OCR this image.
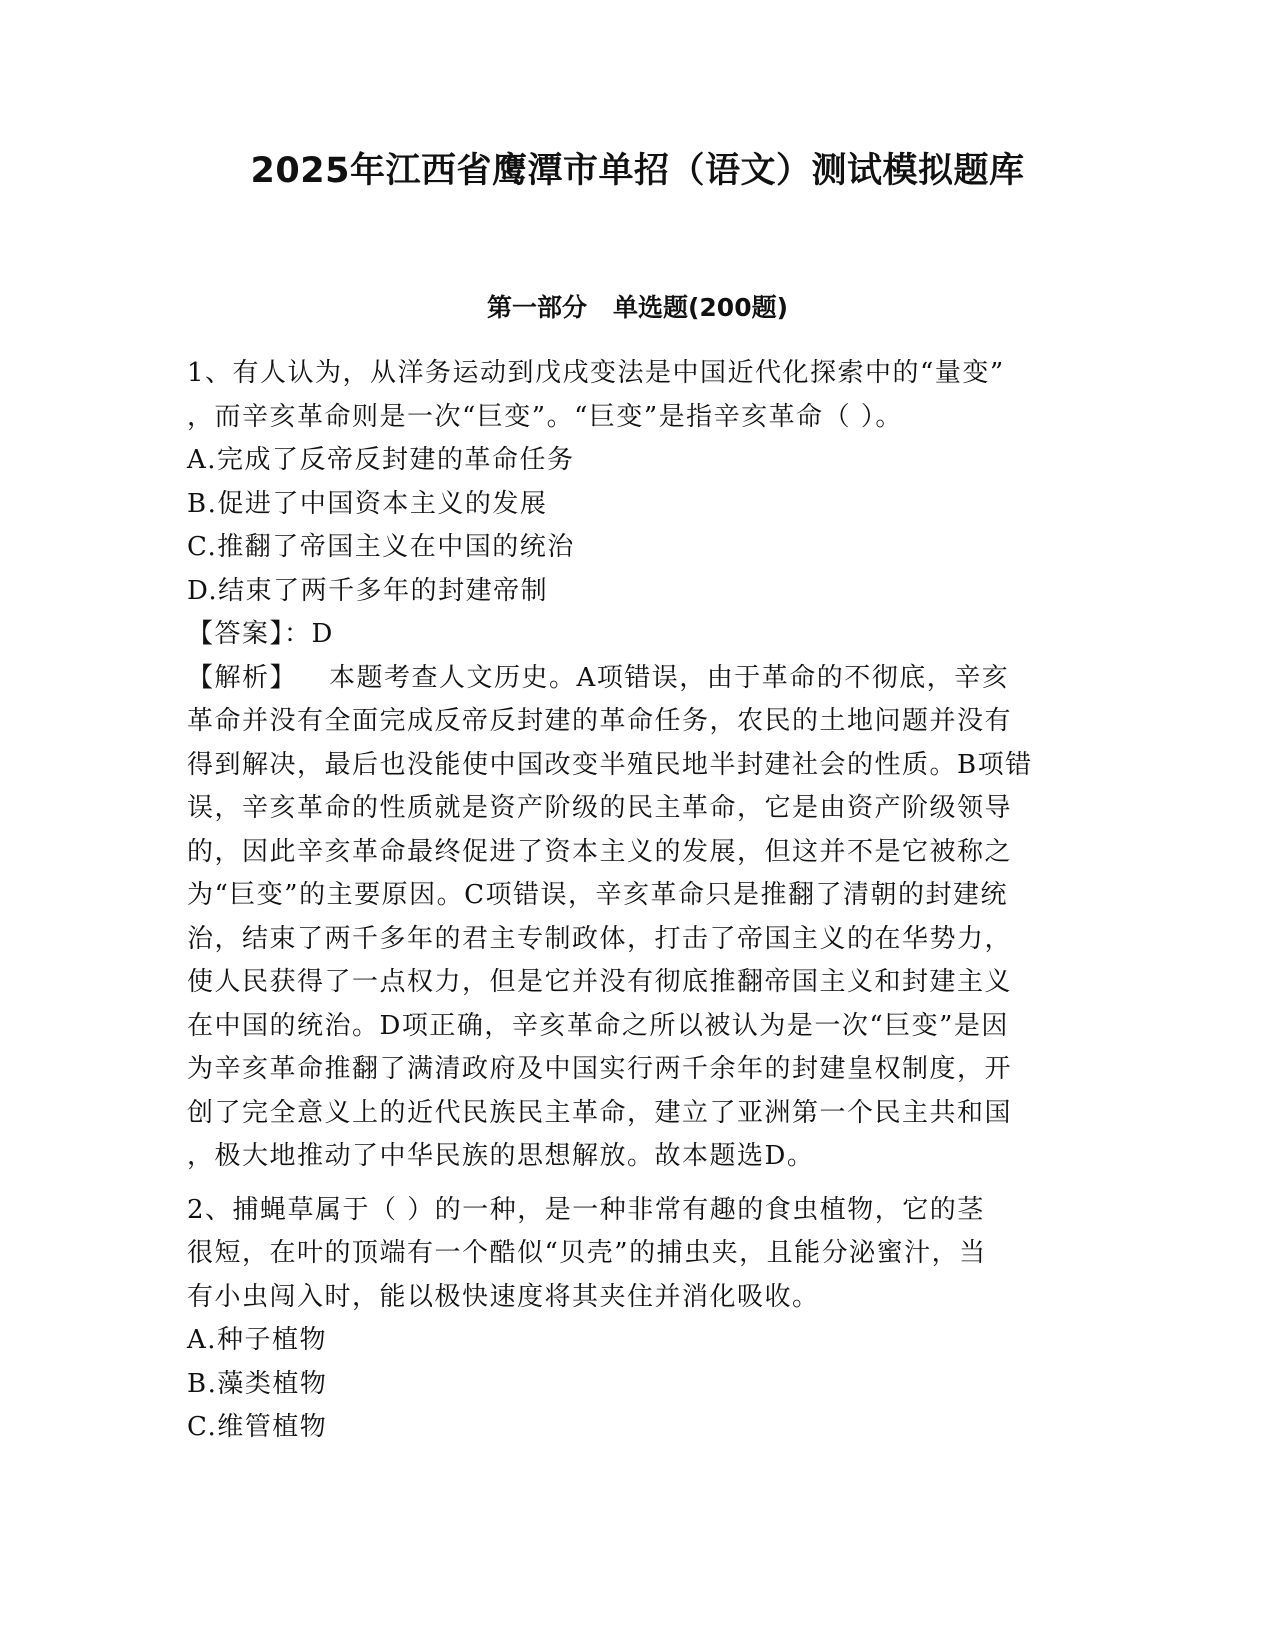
2025年江西省鹰潭市单招（语文）测试模拟题库
第一部分 单选题(200题)
1、有人认为，从洋务运动到戊戌变法是中国近代化探索中的“量变”
，而辛亥革命则是一次“巨变”。“巨变”是指辛亥革命（ ）。
A.完成了反帝反封建的革命任务
B.促进了中国资本主义的发展
C.推翻了帝国主义在中国的统治
D.结束了两千多年的封建帝制
【答案】：D
【解析】 本题考查人文历史。A项错误，由于革命的不彻底，辛亥
革命并没有全面完成反帝反封建的革命任务，农民的土地问题并没有
得到解决，最后也没能使中国改变半殖民地半封建社会的性质。B项错
误，辛亥革命的性质就是资产阶级的民主革命，它是由资产阶级领导
的，因此辛亥革命最终促进了资本主义的发展，但这并不是它被称之
为“巨变”的主要原因。C项错误，辛亥革命只是推翻了清朝的封建统
治，结束了两千多年的君主专制政体，打击了帝国主义的在华势力，
使人民获得了一点权力，但是它并没有彻底推翻帝国主义和封建主义
在中国的统治。D项正确，辛亥革命之所以被认为是一次“巨变”是因
为辛亥革命推翻了满清政府及中国实行两千余年的封建皇权制度，开
创了完全意义上的近代民族民主革命，建立了亚洲第一个民主共和国
，极大地推动了中华民族的思想解放。故本题选D。
2、捕蝇草属于（ ）的一种，是一种非常有趣的食虫植物，它的茎
很短，在叶的顶端有一个酷似“贝壳”的捕虫夹，且能分泌蜜汁，当
有小虫闯入时，能以极快速度将其夹住并消化吸收。
A.种子植物
B.藻类植物
C.维管植物
